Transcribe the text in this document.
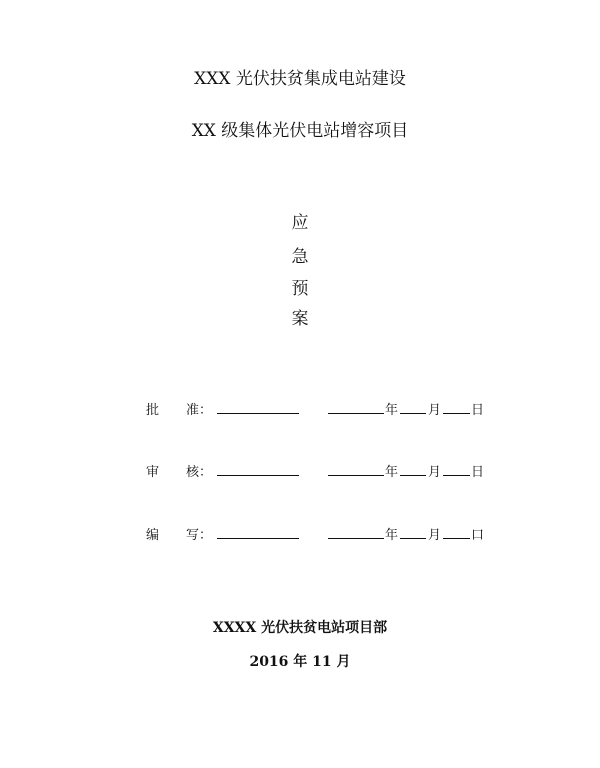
XXX 光伏扶贫集成电站建设
XX 级集体光伏电站增容项目
应
急
预
案
批 准：	年 月 日
审 核：	年 月 日
编 写：	年 月 口
XXXX 光伏扶贫电站项目部
2016 年 11 月
